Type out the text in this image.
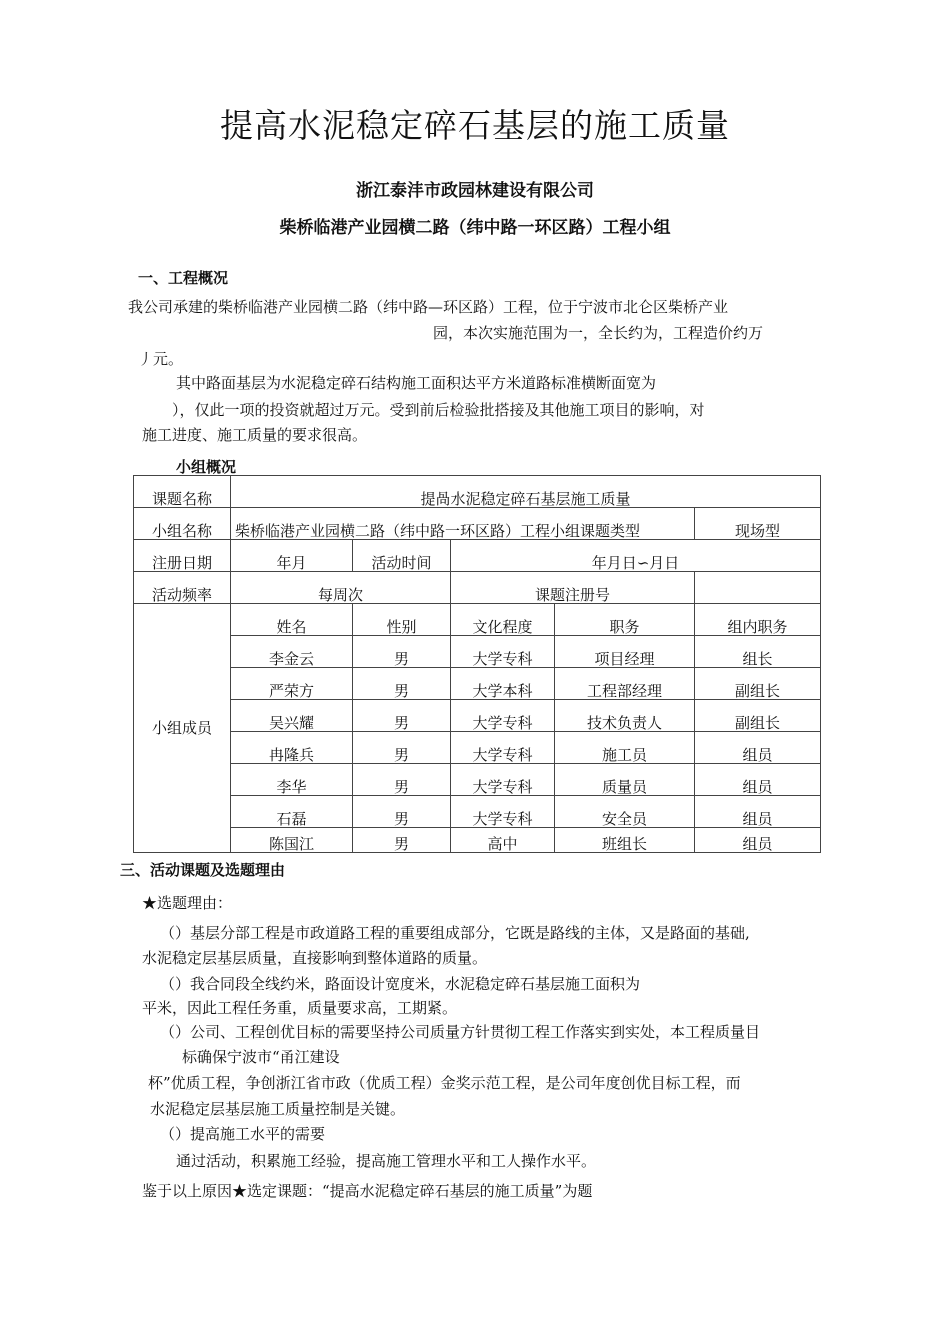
提高水泥稳定碎石基层的施工质量
浙江泰沣市政园林建设有限公司
柴桥临港产业园横二路（纬中路一环区路）工程小组
一、工程概况
我公司承建的柴桥临港产业园横二路（纬中路—环区路）工程，位于宁波市北仑区柴桥产业
园，本次实施范围为一，全长约为，工程造价约万
丿元。
其中路面基层为水泥稳定碎石结构施工面积达平方米道路标准横断面宽为
），仅此一项的投资就超过万元。受到前后检验批搭接及其他施工项目的影响，对
施工进度、施工质量的要求很高。
小组概况
课题名称	提咼水泥稳定碎石基层施工质量				
小组名称	柴桥临港产业园横二路（纬中路一环区路）工程小组课题类型				现场型
注册日期	年月	活动时间	年月日∽月日		
活动频率	每周次		课题注册号		
小组成员	姓名	性别	文化程度	职务	组内职务
	李金云	男	大学专科	项目经理	组长
	严荣方	男	大学本科	工程部经理	副组长
	吴兴耀	男	大学专科	技术负责人	副组长
	冉隆兵	男	大学专科	施工员	组员
	李华	男	大学专科	质量员	组员
	石磊	男	大学专科	安全员	组员
	陈国江	男	高中	班组长	组员
三、活动课题及选题理由
★选题理由：
（）基层分部工程是市政道路工程的重要组成部分，它既是路线的主体，又是路面的基础,
水泥稳定层基层质量，直接影响到整体道路的质量。
（）我合同段全线约米，路面设计宽度米，水泥稳定碎石基层施工面积为
平米，因此工程任务重，质量要求高，工期紧。
（）公司、工程创优目标的需要坚持公司质量方针贯彻工程工作落实到实处，本工程质量目
标确保宁波市“甬江建设
杯”优质工程，争创浙江省市政（优质工程）金奖示范工程，是公司年度创优目标工程，而
水泥稳定层基层施工质量控制是关键。
（）提高施工水平的需要
通过活动，积累施工经验，提高施工管理水平和工人操作水平。
鉴于以上原因★选定课题：“提高水泥稳定碎石基层的施工质量”为题
